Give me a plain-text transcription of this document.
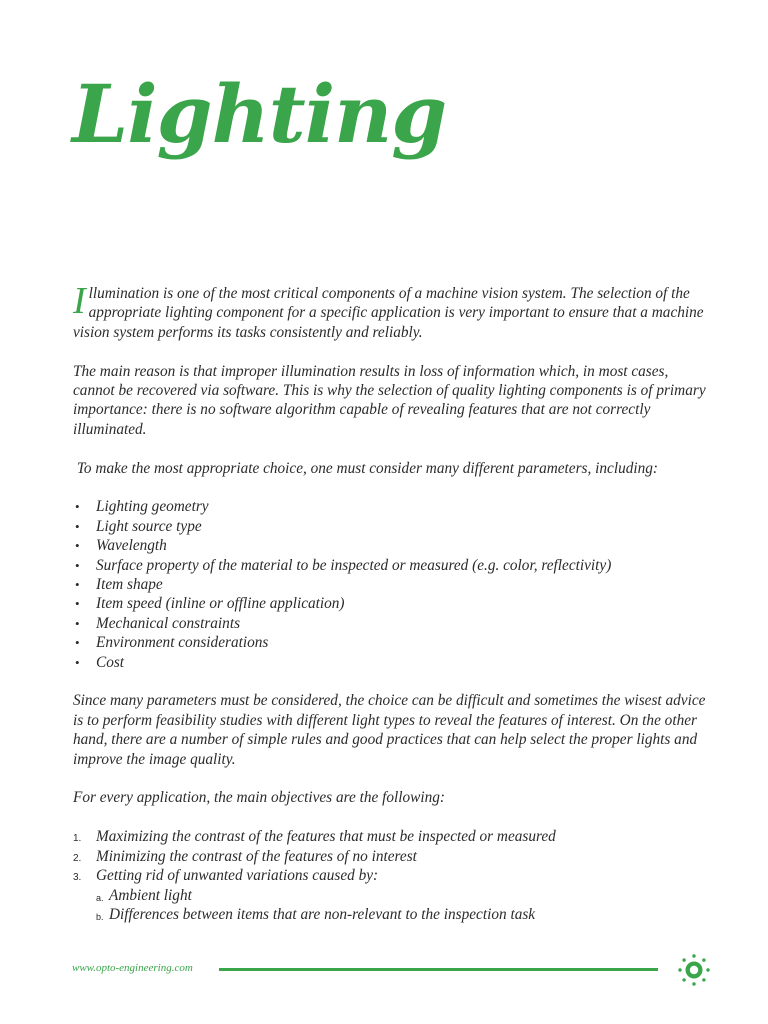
Lighting

Illumination is one of the most critical components of a machine vision system. The selection of the appropriate lighting component for a specific application is very important to ensure that a machine vision system performs its tasks consistently and reliably.

The main reason is that improper illumination results in loss of information which, in most cases, cannot be recovered via software. This is why the selection of quality lighting components is of primary importance: there is no software algorithm capable of revealing features that are not correctly illuminated.

To make the most appropriate choice, one must consider many different parameters, including:

• Lighting geometry
• Light source type
• Wavelength
• Surface property of the material to be inspected or measured (e.g. color, reflectivity)
• Item shape
• Item speed (inline or offline application)
• Mechanical constraints
• Environment considerations
• Cost

Since many parameters must be considered, the choice can be difficult and sometimes the wisest advice is to perform feasibility studies with different light types to reveal the features of interest. On the other hand, there are a number of simple rules and good practices that can help select the proper lights and improve the image quality.

For every application, the main objectives are the following:

1. Maximizing the contrast of the features that must be inspected or measured
2. Minimizing the contrast of the features of no interest
3. Getting rid of unwanted variations caused by:
a. Ambient light
b. Differences between items that are non-relevant to the inspection task
www.opto-engineering.com
